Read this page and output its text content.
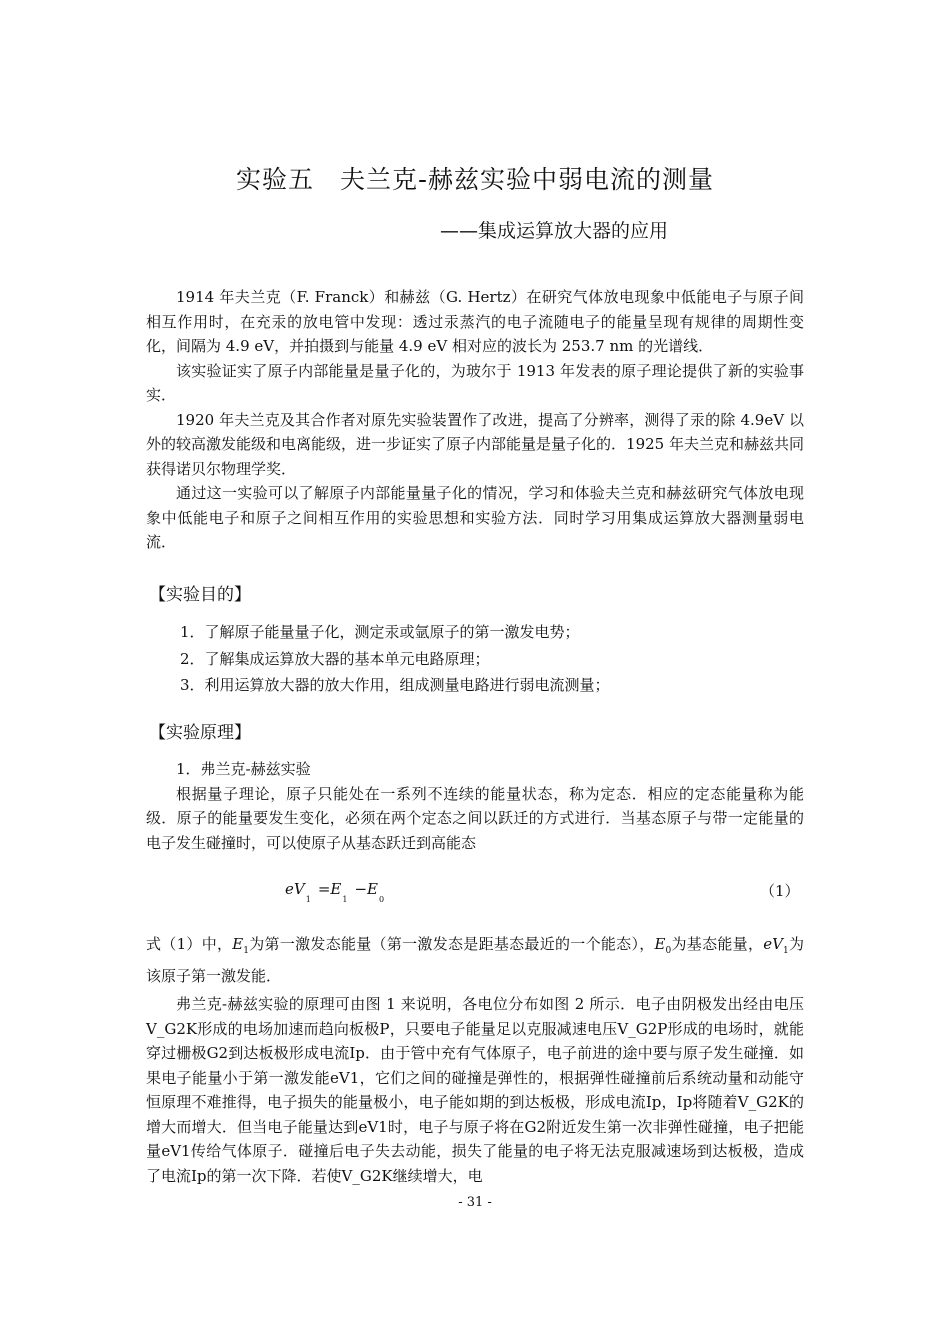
实验五　夫兰克-赫兹实验中弱电流的测量

——集成运算放大器的应用

1914 年夫兰克（F. Franck）和赫兹（G. Hertz）在研究气体放电现象中低能电子与原子间相互作用时，在充汞的放电管中发现：透过汞蒸汽的电子流随电子的能量呈现有规律的周期性变化，间隔为 4.9 eV，并拍摄到与能量 4.9 eV 相对应的波长为 253.7 nm 的光谱线．

该实验证实了原子内部能量是量子化的，为玻尔于 1913 年发表的原子理论提供了新的实验事实．

1920 年夫兰克及其合作者对原先实验装置作了改进，提高了分辨率，测得了汞的除 4.9eV 以外的较高激发能级和电离能级，进一步证实了原子内部能量是量子化的．1925 年夫兰克和赫兹共同获得诺贝尔物理学奖．

通过这一实验可以了解原子内部能量量子化的情况，学习和体验夫兰克和赫兹研究气体放电现象中低能电子和原子之间相互作用的实验思想和实验方法．同时学习用集成运算放大器测量弱电流．

【实验目的】
1．了解原子能量量子化，测定汞或氩原子的第一激发电势；
2．了解集成运算放大器的基本单元电路原理；
3．利用运算放大器的放大作用，组成测量电路进行弱电流测量；
【实验原理】

1．弗兰克-赫兹实验

根据量子理论，原子只能处在一系列不连续的能量状态，称为定态．相应的定态能量称为能级．原子的能量要发生变化，必须在两个定态之间以跃迁的方式进行．当基态原子与带一定能量的电子发生碰撞时，可以使原子从基态跃迁到高能态

$eV_1=E_1-E_0$	（1）

式（1）中，$E_1$为第一激发态能量（第一激发态是距基态最近的一个能态），$E_0$为基态能量，$eV_1$为该原子第一激发能．

弗兰克-赫兹实验的原理可由图 1 来说明，各电位分布如图 2 所示．电子由阴极发出经由电压V_G2K形成的电场加速而趋向板极P，只要电子能量足以克服减速电压V_G2P形成的电场时，就能穿过栅极G2到达板极形成电流Ip．由于管中充有气体原子，电子前进的途中要与原子发生碰撞．如果电子能量小于第一激发能eV1，它们之间的碰撞是弹性的，根据弹性碰撞前后系统动量和动能守恒原理不难推得，电子损失的能量极小，电子能如期的到达板极，形成电流Ip，Ip将随着V_G2K的增大而增大．但当电子能量达到eV1时，电子与原子将在G2附近发生第一次非弹性碰撞，电子把能量eV1传给气体原子．碰撞后电子失去动能，损失了能量的电子将无法克服减速场到达板极，造成了电流Ip的第一次下降．若使V_G2K继续增大，电

- 31 -
